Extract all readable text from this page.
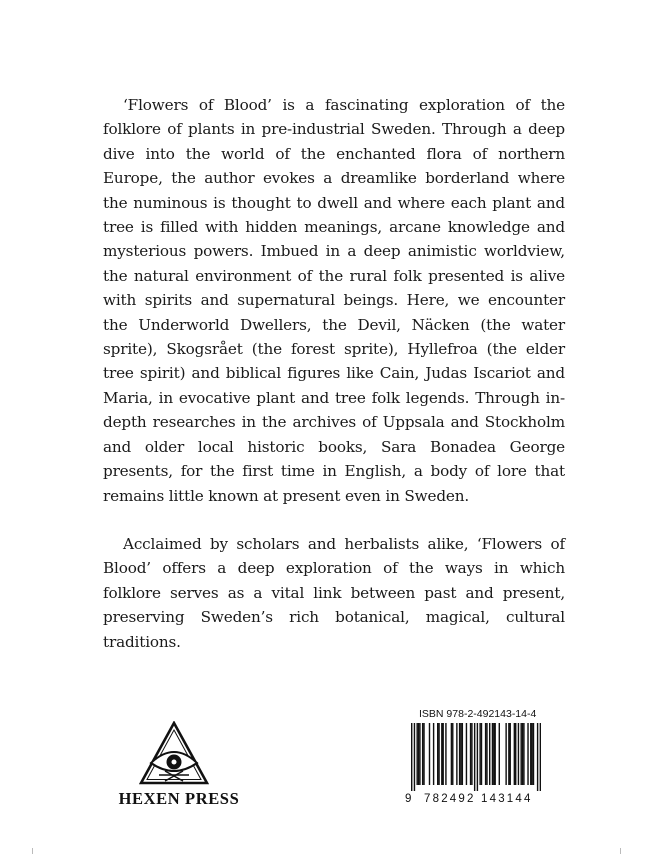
‘Flowers of Blood’ is a fascinating exploration of the folklore of plants in pre-industrial Sweden. Through a deep dive into the world of the enchanted flora of northern Europe, the author evokes a dreamlike borderland where the numinous is thought to dwell and where each plant and tree is filled with hidden meanings, arcane knowledge and mysterious powers. Imbued in a deep animistic worldview, the natural environment of the rural folk presented is alive with spirits and supernatural beings. Here, we encounter the Underworld Dwellers, the Devil, Näcken (the water sprite), Skogsrået (the forest sprite), Hyllefroa (the elder tree spirit) and biblical figures like Cain, Judas Iscariot and Maria, in evocative plant and tree folk legends. Through in-depth researches in the archives of Uppsala and Stockholm and older local historic books, Sara Bonadea George presents, for the first time in English, a body of lore that remains little known at present even in Sweden.

Acclaimed by scholars and herbalists alike, ‘Flowers of Blood’ offers a deep exploration of the ways in which folklore serves as a vital link between past and present, preserving Sweden’s rich botanical, magical, cultural traditions.

HEXEN PRESS
ISBN 978-2-492143-14-4
9 782492 143144
